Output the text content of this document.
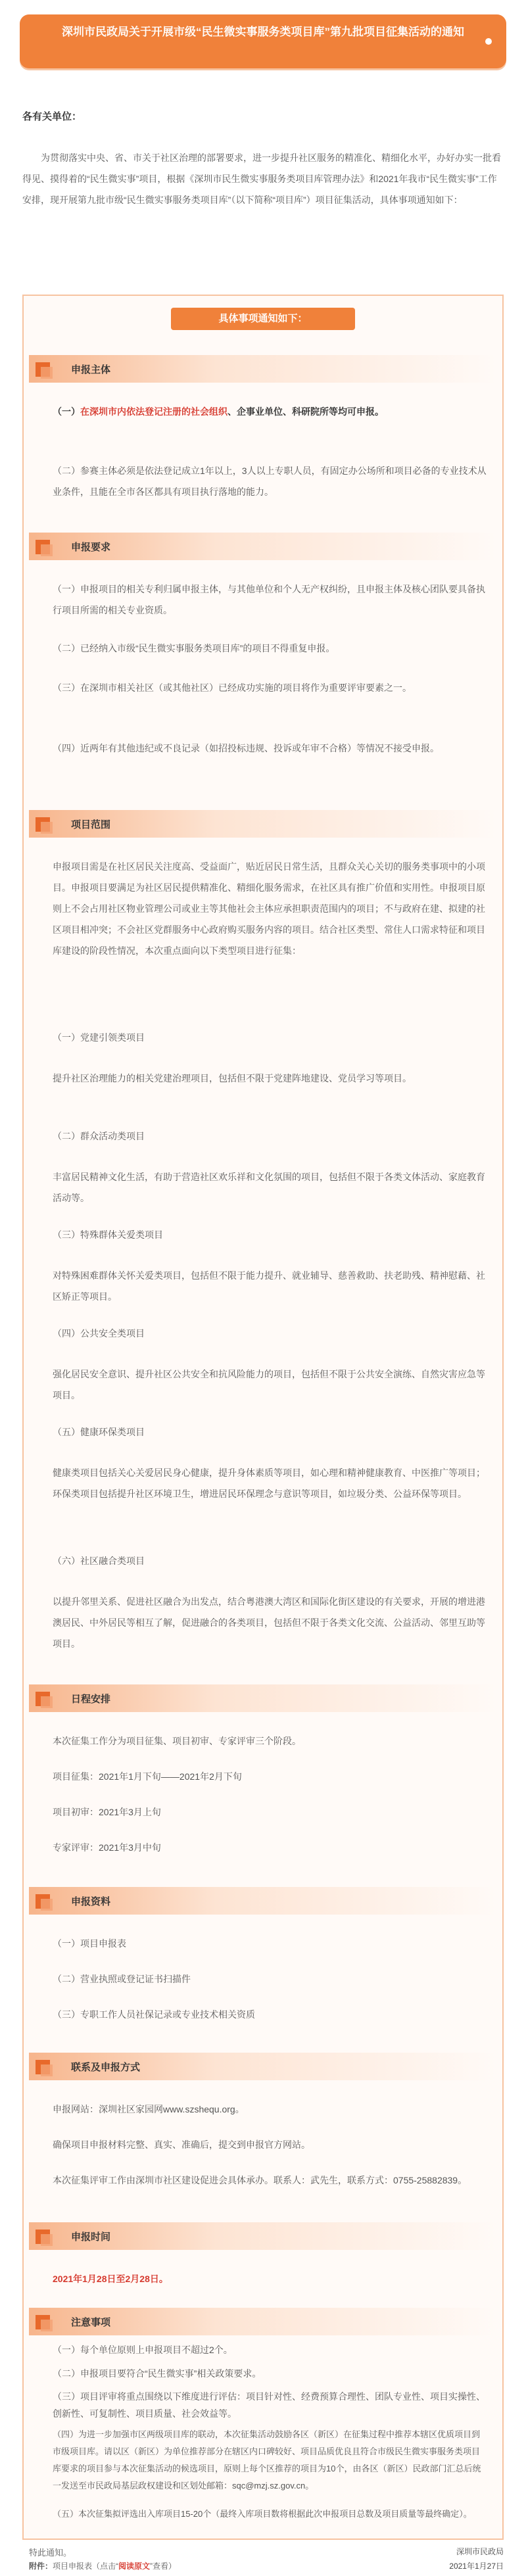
深圳市民政局关于开展市级“民生微实事服务类项目库”第九批项目征集活动的通知
各有关单位：
为贯彻落实中央、省、市关于社区治理的部署要求，进一步提升社区服务的精准化、精细化水平，办好办实一批看得见、摸得着的“民生微实事”项目，根据《深圳市民生微实事服务类项目库管理办法》和2021年我市“民生微实事”工作安排，现开展第九批市级“民生微实事服务类项目库”（以下简称“项目库”）项目征集活动，具体事项通知如下：
具体事项通知如下：
申报主体
（一）在深圳市内依法登记注册的社会组织、企事业单位、科研院所等均可申报。
（二）参赛主体必须是依法登记成立1年以上，3人以上专职人员，有固定办公场所和项目必备的专业技术从业条件，且能在全市各区都具有项目执行落地的能力。
申报要求
（一）申报项目的相关专利归属申报主体，与其他单位和个人无产权纠纷，且申报主体及核心团队要具备执行项目所需的相关专业资质。
（二）已经纳入市级“民生微实事服务类项目库”的项目不得重复申报。
（三）在深圳市相关社区（或其他社区）已经成功实施的项目将作为重要评审要素之一。
（四）近两年有其他违纪或不良记录（如招投标违规、投诉或年审不合格）等情况不接受申报。
项目范围
申报项目需是在社区居民关注度高、受益面广，贴近居民日常生活，且群众关心关切的服务类事项中的小项目。申报项目要满足为社区居民提供精准化、精细化服务需求，在社区具有推广价值和实用性。申报项目原则上不会占用社区物业管理公司或业主等其他社会主体应承担职责范围内的项目；不与政府在建、拟建的社区项目相冲突；不会社区党群服务中心政府购买服务内容的项目。结合社区类型、常住人口需求特征和项目库建设的阶段性情况，本次重点面向以下类型项目进行征集：
（一）党建引领类项目
提升社区治理能力的相关党建治理项目，包括但不限于党建阵地建设、党员学习等项目。
（二）群众活动类项目
丰富居民精神文化生活，有助于营造社区欢乐祥和文化氛围的项目，包括但不限于各类文体活动、家庭教育活动等。
（三）特殊群体关爱类项目
对特殊困难群体关怀关爱类项目，包括但不限于能力提升、就业辅导、慈善救助、扶老助残、精神慰藉、社区矫正等项目。
（四）公共安全类项目
强化居民安全意识、提升社区公共安全和抗风险能力的项目，包括但不限于公共安全演练、自然灾害应急等项目。
（五）健康环保类项目
健康类项目包括关心关爱居民身心健康，提升身体素质等项目，如心理和精神健康教育、中医推广等项目；环保类项目包括提升社区环境卫生，增进居民环保理念与意识等项目，如垃圾分类、公益环保等项目。
（六）社区融合类项目
以提升邻里关系、促进社区融合为出发点，结合粤港澳大湾区和国际化街区建设的有关要求，开展的增进港澳居民、中外居民等相互了解，促进融合的各类项目，包括但不限于各类文化交流、公益活动、邻里互助等项目。
日程安排
本次征集工作分为项目征集、项目初审、专家评审三个阶段。
项目征集：2021年1月下旬——2021年2月下旬
项目初审：2021年3月上旬
专家评审：2021年3月中旬
申报资料
（一）项目申报表
（二）营业执照或登记证书扫描件
（三）专职工作人员社保记录或专业技术相关资质
联系及申报方式
申报网站：深圳社区家园网www.szshequ.org。
确保项目申报材料完整、真实、准确后，提交到申报官方网站。
本次征集评审工作由深圳市社区建设促进会具体承办。联系人：武先生，联系方式：0755-25882839。
申报时间
2021年1月28日至2月28日。
注意事项
（一）每个单位原则上申报项目不超过2个。
（二）申报项目要符合“民生微实事”相关政策要求。
（三）项目评审将重点围绕以下维度进行评估：项目针对性、经费预算合理性、团队专业性、项目实操性、创新性、可复制性、项目质量、社会效益等。
（四）为进一步加强市区两级项目库的联动，本次征集活动鼓励各区（新区）在征集过程中推荐本辖区优质项目到市级项目库。请以区（新区）为单位推荐部分在辖区内口碑较好、项目品质优良且符合市级民生微实事服务类项目库要求的项目参与本次征集活动的候选项目，原则上每个区推荐的项目为10个，由各区（新区）民政部门汇总后统一发送至市民政局基层政权建设和区划处邮箱：sqc@mzj.sz.gov.cn。
（五）本次征集拟评选出入库项目15-20个（最终入库项目数将根据此次申报项目总数及项目质量等最终确定）。
特此通知。
附件：项目申报表（点击“阅读原文”查看）
深圳市民政局
2021年1月27日
